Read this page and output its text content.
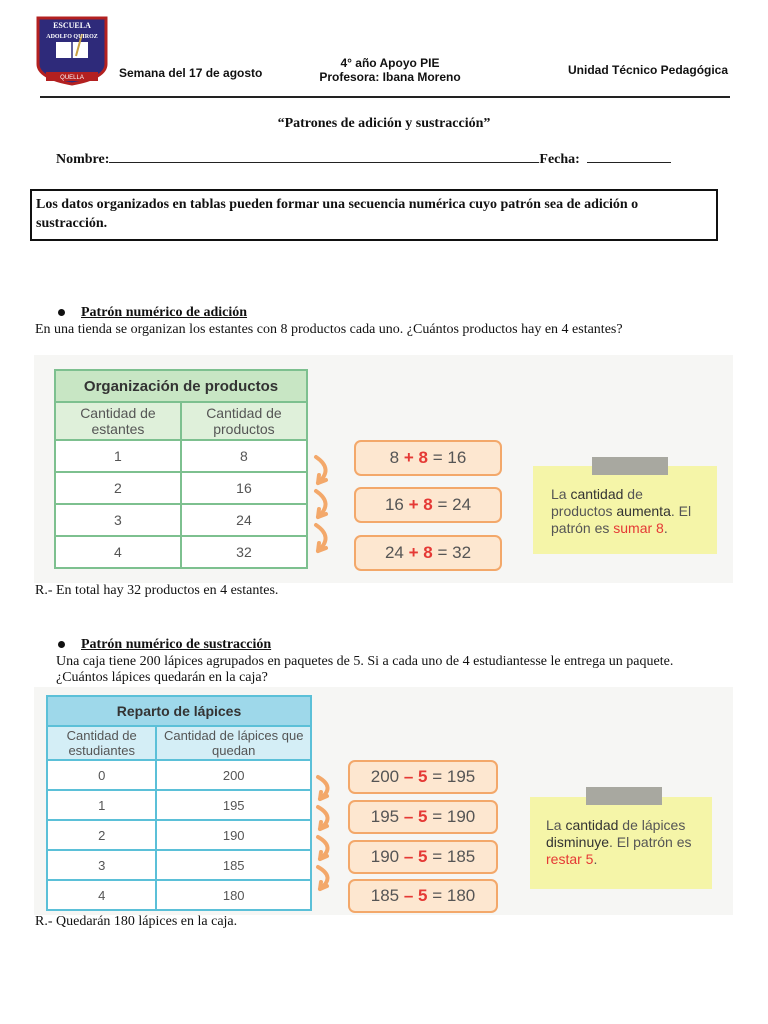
ESCUELA
ADOLFO QUIROZ
QUELLA	Semana del 17 de agosto
4° año Apoyo PIE
Profesora: Ibana Moreno	Unidad Técnico Pedagógica
“Patrones de adición y sustracción”
Nombre:	Fecha:
Los datos organizados en tablas pueden formar una secuencia numérica cuyo patrón sea de adición o sustracción.
Patrón numérico de adición
En una tienda se organizan los estantes con 8 productos cada uno. ¿Cuántos productos hay en 4 estantes?
Organización de productos	
Cantidad de estantes	Cantidad de productos
1	8
2	16
3	24
4	32
8 + 8 = 16
16 + 8 = 24
24 + 8 = 32
La cantidad de productos aumenta. El patrón es sumar 8.
R.- En total hay 32 productos en 4 estantes.
Patrón numérico de sustracción
Una caja tiene 200 lápices agrupados en paquetes de 5. Si a cada uno de 4 estudiantesse le entrega un paquete. ¿Cuántos lápices quedarán en la caja?
Reparto de lápices	
Cantidad de estudiantes	Cantidad de lápices que quedan
0	200
1	195
2	190
3	185
4	180
200 – 5 = 195
195 – 5 = 190
190 – 5 = 185
185 – 5 = 180
La cantidad de lápices disminuye. El patrón es restar 5.
R.- Quedarán 180 lápices en la caja.
